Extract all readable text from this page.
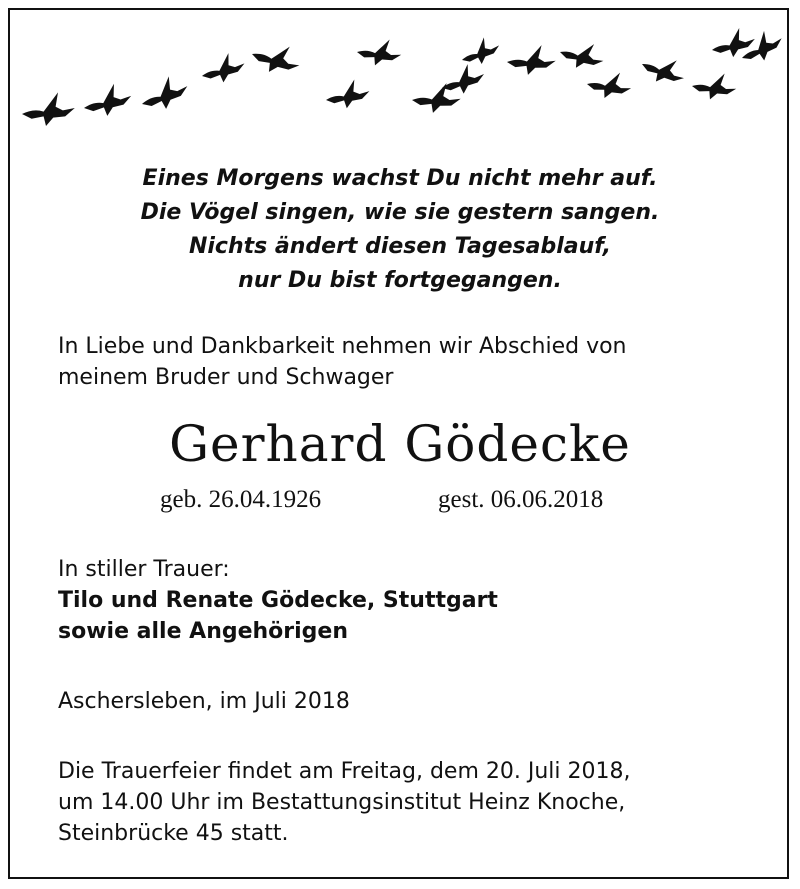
Eines Morgens wachst Du nicht mehr auf.
Die Vögel singen, wie sie gestern sangen.
Nichts ändert diesen Tagesablauf,
nur Du bist fortgegangen.
In Liebe und Dankbarkeit nehmen wir Abschied von
meinem Bruder und Schwager
Gerhard Gödecke
geb. 26.04.1926	gest. 06.06.2018
In stiller Trauer:
Tilo und Renate Gödecke, Stuttgart
sowie alle Angehörigen
Aschersleben, im Juli 2018
Die Trauerfeier findet am Freitag, dem 20. Juli 2018,
um 14.00 Uhr im Bestattungsinstitut Heinz Knoche,
Steinbrücke 45 statt.
